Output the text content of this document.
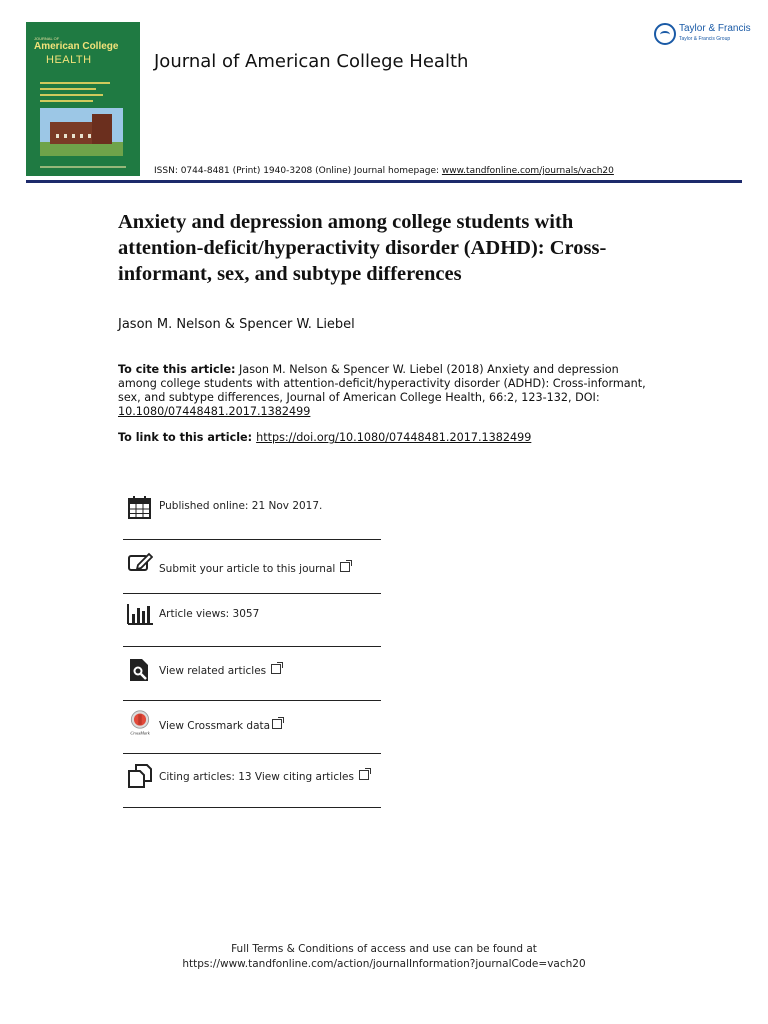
JOURNAL OF
American College
HEALTH	Journal of American College Health
Taylor & Francis
Taylor & Francis Group
ISSN: 0744-8481 (Print) 1940-3208 (Online) Journal homepage: www.tandfonline.com/journals/vach20
Anxiety and depression among college students with attention-deficit/hyperactivity disorder (ADHD): Cross-informant, sex, and subtype differences
Jason M. Nelson & Spencer W. Liebel
To cite this article: Jason M. Nelson & Spencer W. Liebel (2018) Anxiety and depression among college students with attention-deficit/hyperactivity disorder (ADHD): Cross-informant, sex, and subtype differences, Journal of American College Health, 66:2, 123-132, DOI: 10.1080/07448481.2017.1382499
To link to this article: https://doi.org/10.1080/07448481.2017.1382499
Published online: 21 Nov 2017.
Submit your article to this journal
Article views: 3057
View related articles
CrossMark
View Crossmark data
Citing articles: 13 View citing articles
Full Terms & Conditions of access and use can be found at
https://www.tandfonline.com/action/journalInformation?journalCode=vach20
